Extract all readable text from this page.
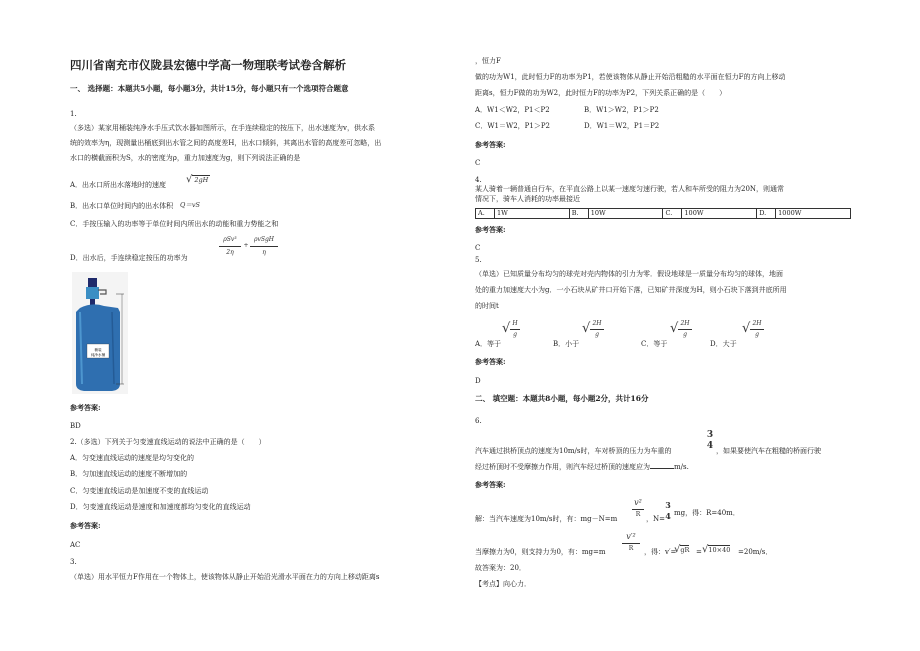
四川省南充市仪陇县宏德中学高一物理联考试卷含解析
一、 选择题：本题共5小题，每小题3分，共计15分，每小题只有一个选项符合题意
1.
（多选）某家用桶装纯净水手压式饮水器如图所示，在手连续稳定的按压下，出水速度为v，供水系
统的效率为η，现测量出桶底到出水管之间的高度差H，出水口倾斜，其离出水管的高度差可忽略，出
水口的横截面积为S，水的密度为ρ，重力加速度为g，则下列说法正确的是
A．出水口所出水落地时的速度 √ 2gH
B．出水口单位时间内的出水体积 Q＝vS
C．手按压输入的功率等于单位时间内所出水的动能和重力势能之和
D．出水后，手连续稳定按压的功率为
ρSv³
2η
+
ρvSgH
η
桶装
纯净水桶
参考答案:
BD
2.（多选）下列关于匀变速直线运动的说法中正确的是（　　）
A．匀变速直线运动的速度是均匀变化的
B．匀加速直线运动的速度不断增加的
C．匀变速直线运动是加速度不变的直线运动
D．匀变速直线运动是速度和加速度都均匀变化的直线运动
参考答案:
AC
3.
（单选）用水平恒力F作用在一个物体上，使该物体从静止开始沿光滑水平面在力的方向上移动距离s
，恒力F
做的功为W1，此时恒力F的功率为P1，若使该物体从静止开始沿粗糙的水平面在恒力F的方向上移动
距离s，恒力F做的功为W2，此时恒力F的功率为P2，下列关系正确的是（　　）
A．W1＜W2，P1＜P2	B．W1＞W2，P1＞P2
C．W1＝W2，P1＞P2	D．W1＝W2，P1＝P2
参考答案:
C
4.
某人骑着一辆普通自行车，在平直公路上以某一速度匀速行驶，若人和车所受的阻力为20N，则通常
情况下，骑车人消耗的功率最接近
A.	1W	B.	10W	C.	100W	D.	1000W
参考答案:
C
5.
（单选）已知质量分布均匀的球壳对壳内物体的引力为零．假设地球是一质量分布均匀的球体，地面
处的重力加速度大小为g．一小石块从矿井口开始下落，已知矿井深度为H，则小石块下落到井底所用
的时间t
A．等于
√ H
g
B．小于
√ 2H
g
C．等于
√ 2H
g
D．大于
√ 2H
g
参考答案:
D
二、 填空题：本题共8小题，每小题2分，共计16分
6.
3
4
汽车通过拱桥顶点的速度为10m/s时，车对桥顶的压力为车重的	，如果要使汽车在粗糙的桥面行驶
经过桥顶时不受摩擦力作用，则汽车经过桥顶的速度应为	m/s.
参考答案:
解：当汽车速度为10m/s时，有：mg－N=m
v²
R
，N=
3
4 mg，得：R=40m．
当摩擦力为0，则支持力为0，有：mg=m
v′²
R	，得：v′=
√gR = √10×40 =20m/s．
故答案为：20．
【考点】向心力．
